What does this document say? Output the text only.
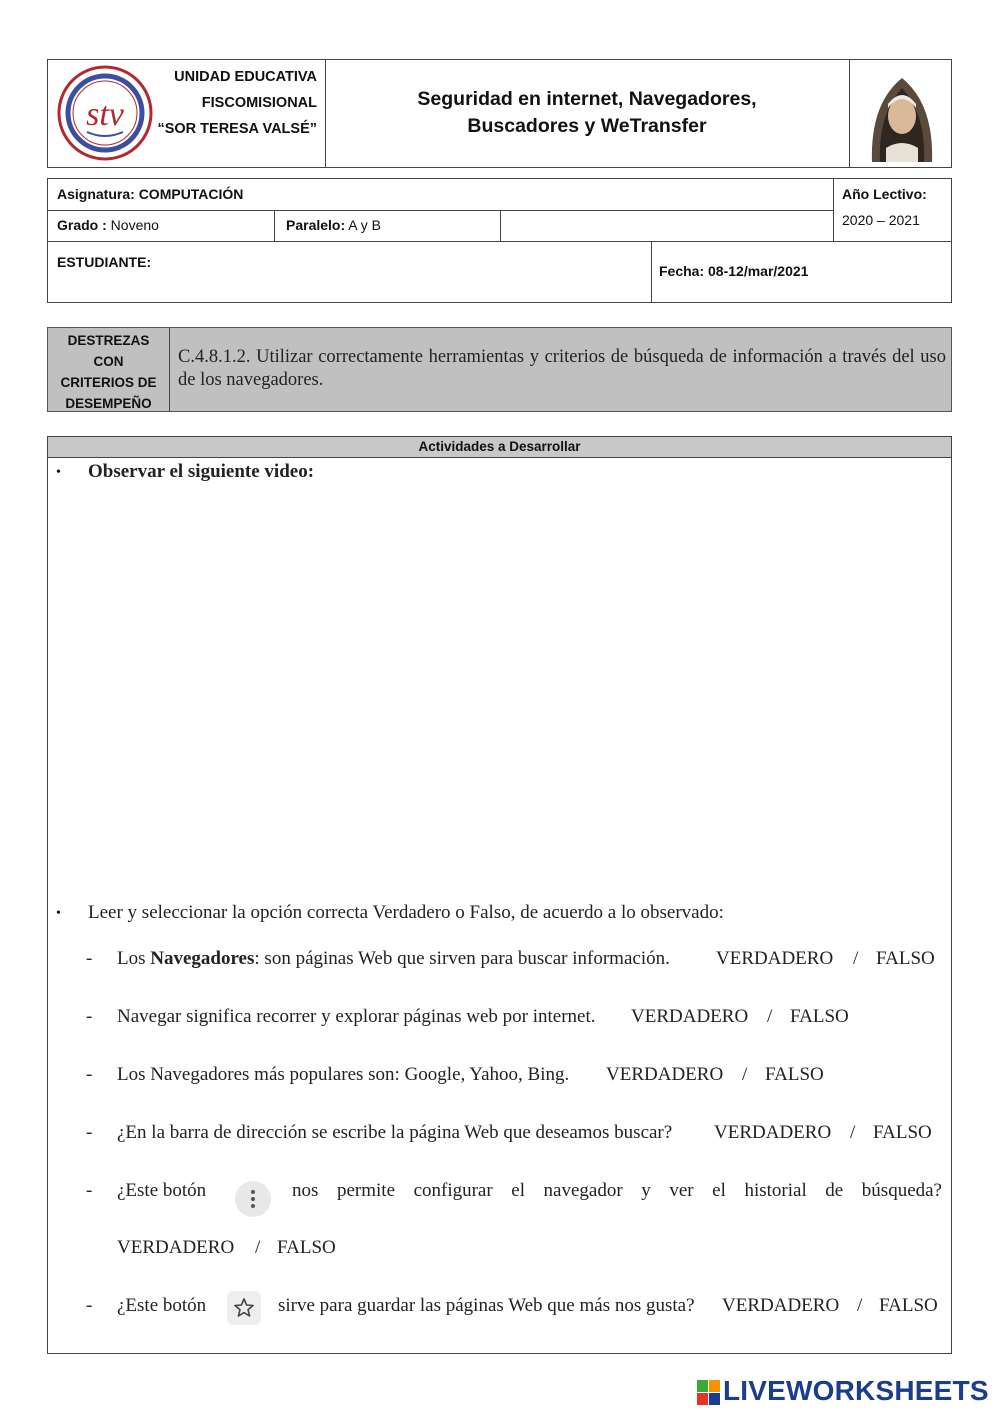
stv
UNIDAD EDUCATIVA
FISCOMISIONAL
“SOR TERESA VALSÉ”
Seguridad en internet, Navegadores,
Buscadores y WeTransfer
Asignatura: COMPUTACIÓN	Año Lectivo:
2020 – 2021
Grado : Noveno	Paralelo: A y B
ESTUDIANTE:
Fecha: 08-12/mar/2021
DESTREZAS
CON
CRITERIOS DE
DESEMPEÑO
C.4.8.1.2. Utilizar correctamente herramientas y criterios de búsqueda de información a través del uso de los navegadores.
Actividades a Desarrollar
• Observar el siguiente video:
• Leer y seleccionar la opción correcta Verdadero o Falso, de acuerdo a lo observado:
- Los Navegadores: son páginas Web que sirven para buscar información. VERDADERO / FALSO
- Navegar significa recorrer y explorar páginas web por internet. VERDADERO / FALSO
- Los Navegadores más populares son: Google, Yahoo, Bing. VERDADERO / FALSO
- ¿En la barra de dirección se escribe la página Web que deseamos buscar? VERDADERO / FALSO
- ¿Este botón	nos permite configurar el navegador y ver el historial de búsqueda?
VERDADERO / FALSO
- ¿Este botón	sirve para guardar las páginas Web que más nos gusta? VERDADERO / FALSO
LIVEWORKSHEETS
